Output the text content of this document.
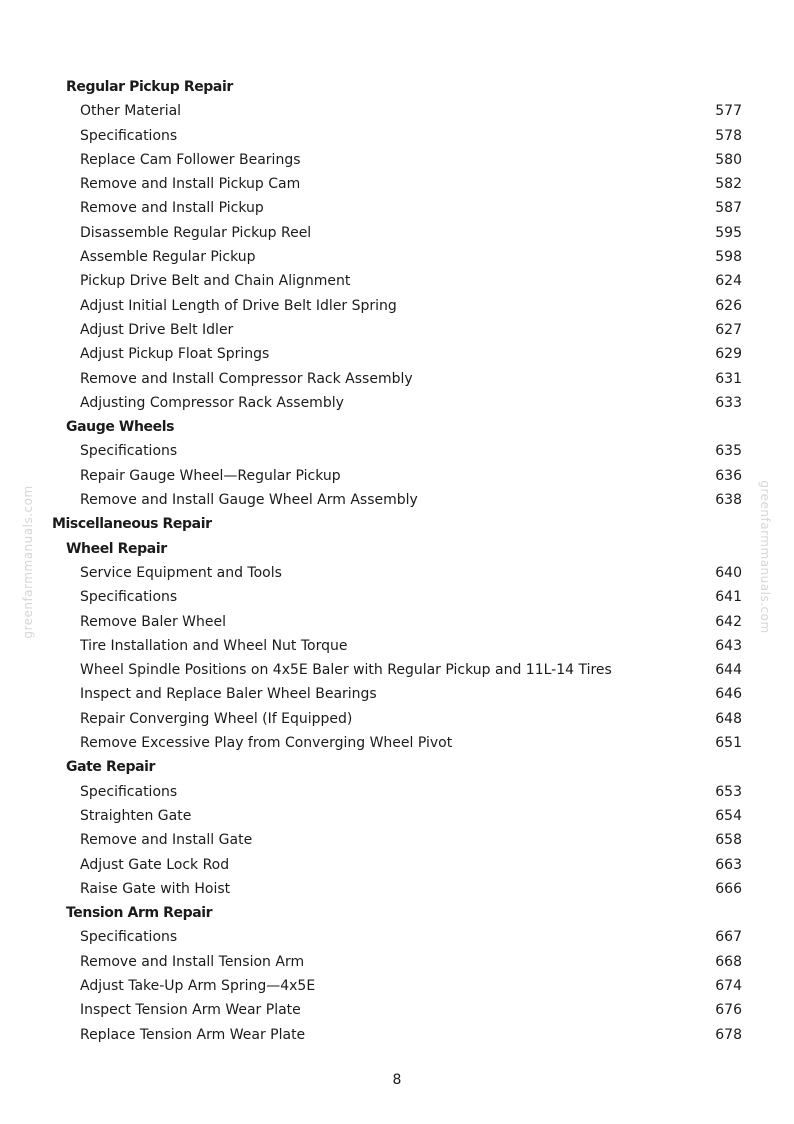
Regular Pickup Repair
Other Material	577
Specifications	578
Replace Cam Follower Bearings	580
Remove and Install Pickup Cam	582
Remove and Install Pickup	587
Disassemble Regular Pickup Reel	595
Assemble Regular Pickup	598
Pickup Drive Belt and Chain Alignment	624
Adjust Initial Length of Drive Belt Idler Spring	626
Adjust Drive Belt Idler	627
Adjust Pickup Float Springs	629
Remove and Install Compressor Rack Assembly	631
Adjusting Compressor Rack Assembly	633
Gauge Wheels
Specifications	635
Repair Gauge Wheel—Regular Pickup	636
Remove and Install Gauge Wheel Arm Assembly	638
Miscellaneous Repair
Wheel Repair
Service Equipment and Tools	640
Specifications	641
Remove Baler Wheel	642
Tire Installation and Wheel Nut Torque	643
Wheel Spindle Positions on 4x5E Baler with Regular Pickup and 11L-14 Tires	644
Inspect and Replace Baler Wheel Bearings	646
Repair Converging Wheel (If Equipped)	648
Remove Excessive Play from Converging Wheel Pivot	651
Gate Repair
Specifications	653
Straighten Gate	654
Remove and Install Gate	658
Adjust Gate Lock Rod	663
Raise Gate with Hoist	666
Tension Arm Repair
Specifications	667
Remove and Install Tension Arm	668
Adjust Take-Up Arm Spring—4x5E	674
Inspect Tension Arm Wear Plate	676
Replace Tension Arm Wear Plate	678
greenfarmmanuals.com	greenfarmmanuals.com
8
